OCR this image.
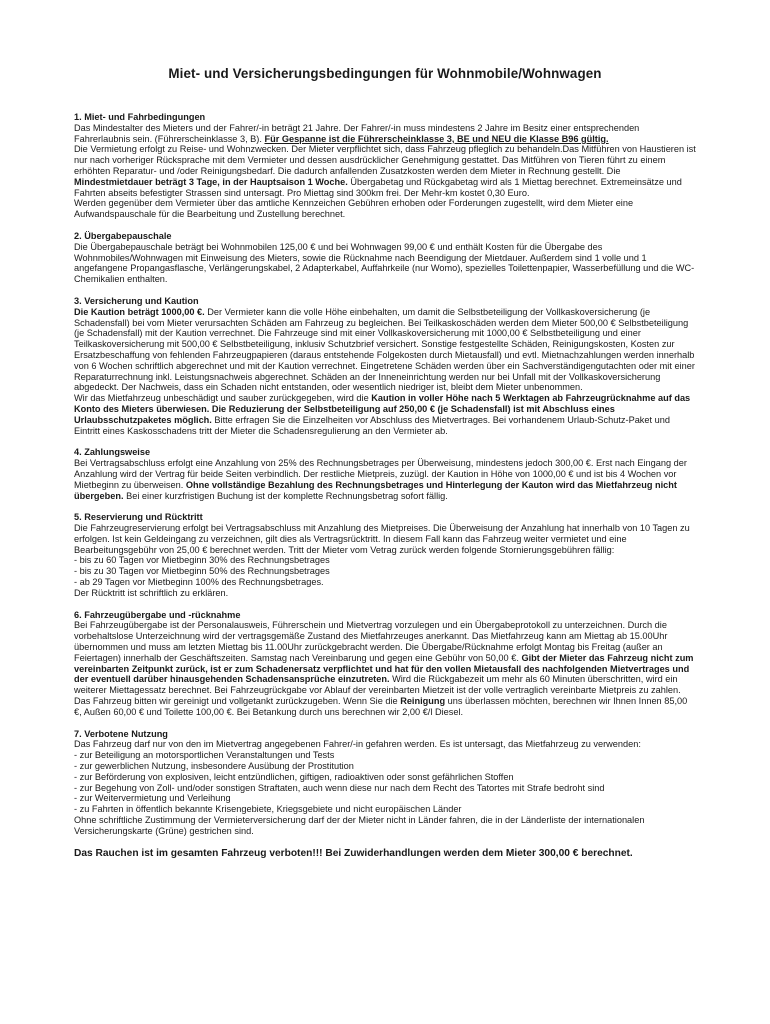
Miet- und Versicherungsbedingungen für Wohnmobile/Wohnwagen
1. Miet- und Fahrbedingungen

Das Mindestalter des Mieters und der Fahrer/-in beträgt 21 Jahre. Der Fahrer/-in muss mindestens 2 Jahre im Besitz einer entsprechenden Fahrerlaubnis sein. (Führerscheinklasse 3, B). Für Gespanne ist die Führerscheinklasse 3, BE und NEU die Klasse B96 gültig.

Die Vermietung erfolgt zu Reise- und Wohnzwecken. Der Mieter verpflichtet sich, dass Fahrzeug pfleglich zu behandeln.Das Mitführen von Haustieren ist nur nach vorheriger Rücksprache mit dem Vermieter und dessen ausdrücklicher Genehmigung gestattet. Das Mitführen von Tieren führt zu einem erhöhten Reparatur- und /oder Reinigungsbedarf. Die dadurch anfallenden Zusatzkosten werden dem Mieter in Rechnung gestellt. Die Mindestmietdauer beträgt 3 Tage, in der Hauptsaison 1 Woche. Übergabetag und Rückgabetag wird als 1 Miettag berechnet. Extremeinsätze und Fahrten abseits befestigter Strassen sind untersagt. Pro Miettag sind 300km frei. Der Mehr-km kostet 0,30 Euro.

Werden gegenüber dem Vermieter über das amtliche Kennzeichen Gebühren erhoben oder Forderungen zugestellt, wird dem Mieter eine Aufwandspauschale für die Bearbeitung und Zustellung berechnet.

2. Übergabepauschale

Die Übergabepauschale beträgt bei Wohnmobilen 125,00 € und bei Wohnwagen 99,00 € und enthält Kosten für die Übergabe des Wohnmobiles/Wohnwagen mit Einweisung des Mieters, sowie die Rücknahme nach Beendigung der Mietdauer. Außerdem sind 1 volle und 1 angefangene Propangasflasche, Verlängerungskabel, 2 Adapterkabel, Auffahrkeile (nur Womo), spezielles Toilettenpapier, Wasserbefüllung und die WC-Chemikalien enthalten.

3. Versicherung und Kaution

Die Kaution beträgt 1000,00 €. Der Vermieter kann die volle Höhe einbehalten, um damit die Selbstbeteiligung der Vollkaskoversicherung (je Schadensfall) bei vom Mieter verursachten Schäden am Fahrzeug zu begleichen. Bei Teilkaskoschäden werden dem Mieter 500,00 € Selbstbeteiligung (je Schadensfall) mit der Kaution verrechnet. Die Fahrzeuge sind mit einer Vollkaskoversicherung mit 1000,00 € Selbstbeteiligung und einer Teilkaskoversicherung mit 500,00 € Selbstbeteiligung, inklusiv Schutzbrief versichert. Sonstige festgestellte Schäden, Reinigungskosten, Kosten zur Ersatzbeschaffung von fehlenden Fahrzeugpapieren (daraus entstehende Folgekosten durch Mietausfall) und evtl. Mietnachzahlungen werden innerhalb von 6 Wochen schriftlich abgerechnet und mit der Kaution verrechnet. Eingetretene Schäden werden über ein Sachverständigengutachten oder mit einer Reparaturrechnung inkl. Leistungsnachweis abgerechnet. Schäden an der Inneneinrichtung werden nur bei Unfall mit der Vollkaskoversicherung abgedeckt. Der Nachweis, dass ein Schaden nicht entstanden, oder wesentlich niedriger ist, bleibt dem Mieter unbenommen.

Wir das Mietfahrzeug unbeschädigt und sauber zurückgegeben, wird die Kaution in voller Höhe nach 5 Werktagen ab Fahrzeugrücknahme auf das Konto des Mieters überwiesen. Die Reduzierung der Selbstbeteiligung auf 250,00 € (je Schadensfall) ist mit Abschluss eines Urlaubsschutzpaketes möglich. Bitte erfragen Sie die Einzelheiten vor Abschluss des Mietvertrages. Bei vorhandenem Urlaub-Schutz-Paket und Eintritt eines Kaskosschadens tritt der Mieter die Schadensregulierung an den Vermieter ab.

4. Zahlungsweise

Bei Vertragsabschluss erfolgt eine Anzahlung von 25% des Rechnungsbetrages per Überweisung, mindestens jedoch 300,00 €. Erst nach Eingang der Anzahlung wird der Vertrag für beide Seiten verbindlich. Der restliche Mietpreis, zuzügl. der Kaution in Höhe von 1000,00 € und ist bis 4 Wochen vor Mietbeginn zu überweisen. Ohne vollständige Bezahlung des Rechnungsbetrages und Hinterlegung der Kauton wird das Mietfahrzeug nicht übergeben. Bei einer kurzfristigen Buchung ist der komplette Rechnungsbetrag sofort fällig.

5. Reservierung und Rücktritt

Die Fahrzeugreservierung erfolgt bei Vertragsabschluss mit Anzahlung des Mietpreises. Die Überweisung der Anzahlung hat innerhalb von 10 Tagen zu erfolgen. Ist kein Geldeingang zu verzeichnen, gilt dies als Vertragsrücktritt. In diesem Fall kann das Fahrzeug weiter vermietet und eine Bearbeitungsgebühr von 25,00 € berechnet werden. Tritt der Mieter vom Vetrag zurück werden folgende Stornierungsgebühren fällig:

- bis zu 60 Tagen vor Mietbeginn 30% des Rechnungsbetrages

- bis zu 30 Tagen vor Mietbeginn 50% des Rechnungsbetrages

- ab 29 Tagen vor Mietbeginn 100% des Rechnungsbetrages.

Der Rücktritt ist schriftlich zu erklären.

6. Fahrzeugübergabe und -rücknahme

Bei Fahrzeugübergabe ist der Personalausweis, Führerschein und Mietvertrag vorzulegen und ein Übergabeprotokoll zu unterzeichnen. Durch die vorbehaltslose Unterzeichnung wird der vertragsgemäße Zustand des Mietfahrzeuges anerkannt. Das Mietfahrzeug kann am Miettag ab 15.00Uhr übernommen und muss am letzten Miettag bis 11.00Uhr zurückgebracht werden. Die Übergabe/Rücknahme erfolgt Montag bis Freitag (außer an Feiertagen) innerhalb der Geschäftszeiten. Samstag nach Vereinbarung und gegen eine Gebühr von 50,00 €. Gibt der Mieter das Fahrzeug nicht zum vereinbarten Zeitpunkt zurück, ist er zum Schadenersatz verpflichtet und hat für den vollen Mietausfall des nachfolgenden Mietvertrages und der eventuell darüber hinausgehenden Schadensansprüche einzutreten. Wird die Rückgabezeit um mehr als 60 Minuten überschritten, wird ein weiterer Miettagessatz berechnet. Bei Fahrzeugrückgabe vor Ablauf der vereinbarten Mietzeit ist der volle vertraglich vereinbarte Mietpreis zu zahlen.

Das Fahrzeug bitten wir gereinigt und vollgetankt zurückzugeben. Wenn Sie die Reinigung uns überlassen möchten, berechnen wir Ihnen Innen 85,00 €, Außen 60,00 € und Toilette 100,00 €. Bei Betankung durch uns berechnen wir 2,00 €/l Diesel.

7. Verbotene Nutzung

Das Fahrzeug darf nur von den im Mietvertrag angegebenen Fahrer/-in gefahren werden. Es ist untersagt, das Mietfahrzeug zu verwenden:

- zur Beteiligung an motorsportlichen Veranstaltungen und Tests

- zur gewerblichen Nutzung, insbesondere Ausübung der Prostitution

- zur Beförderung von explosiven, leicht entzündlichen, giftigen, radioaktiven oder sonst gefährlichen Stoffen

- zur Begehung von Zoll- und/oder sonstigen Straftaten, auch wenn diese nur nach dem Recht des Tatortes mit Strafe bedroht sind

- zur Weitervermietung und Verleihung

- zu Fahrten in öffentlich bekannte Krisengebiete, Kriegsgebiete und nicht europäischen Länder

Ohne schriftliche Zustimmung der Vermieterversicherung darf der der Mieter nicht in Länder fahren, die in der Länderliste der internationalen Versicherungskarte (Grüne) gestrichen sind.

Das Rauchen ist im gesamten Fahrzeug verboten!!! Bei Zuwiderhandlungen werden dem Mieter 300,00 € berechnet.
